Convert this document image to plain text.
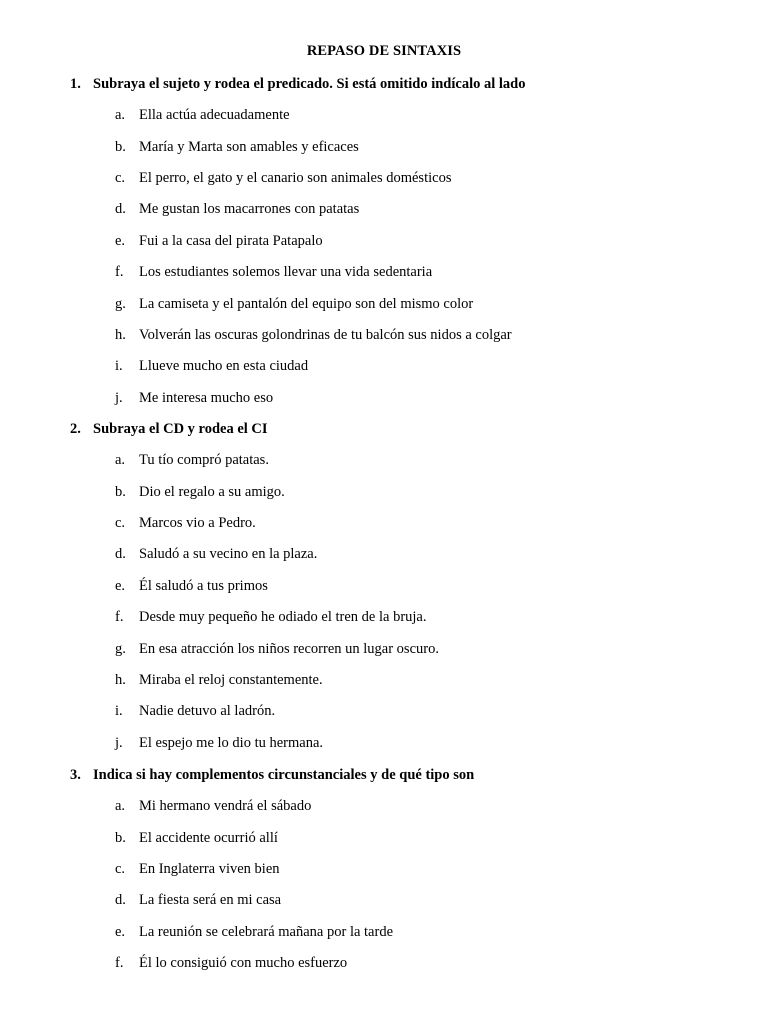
REPASO DE SINTAXIS
1. Subraya el sujeto y rodea el predicado. Si está omitido indícalo al lado
a. Ella actúa adecuadamente
b. María y Marta son amables y eficaces
c. El perro, el gato y el canario son animales domésticos
d. Me gustan los macarrones con patatas
e. Fui a la casa del pirata Patapalo
f. Los estudiantes solemos llevar una vida sedentaria
g. La camiseta y el pantalón del equipo son del mismo color
h. Volverán las oscuras golondrinas de tu balcón sus nidos a colgar
i. Llueve mucho en esta ciudad
j. Me interesa mucho eso
2. Subraya el CD y rodea el CI
a. Tu tío compró patatas.
b. Dio el regalo a su amigo.
c. Marcos vio a Pedro.
d. Saludó a su vecino en la plaza.
e. Él saludó a tus primos
f. Desde muy pequeño he odiado el tren de la bruja.
g. En esa atracción los niños recorren un lugar oscuro.
h. Miraba el reloj constantemente.
i. Nadie detuvo al ladrón.
j. El espejo me lo dio tu hermana.
3. Indica si hay complementos circunstanciales y de qué tipo son
a. Mi hermano vendrá el sábado
b. El accidente ocurrió allí
c. En Inglaterra viven bien
d. La fiesta será en mi casa
e. La reunión se celebrará mañana por la tarde
f. Él lo consiguió con mucho esfuerzo
